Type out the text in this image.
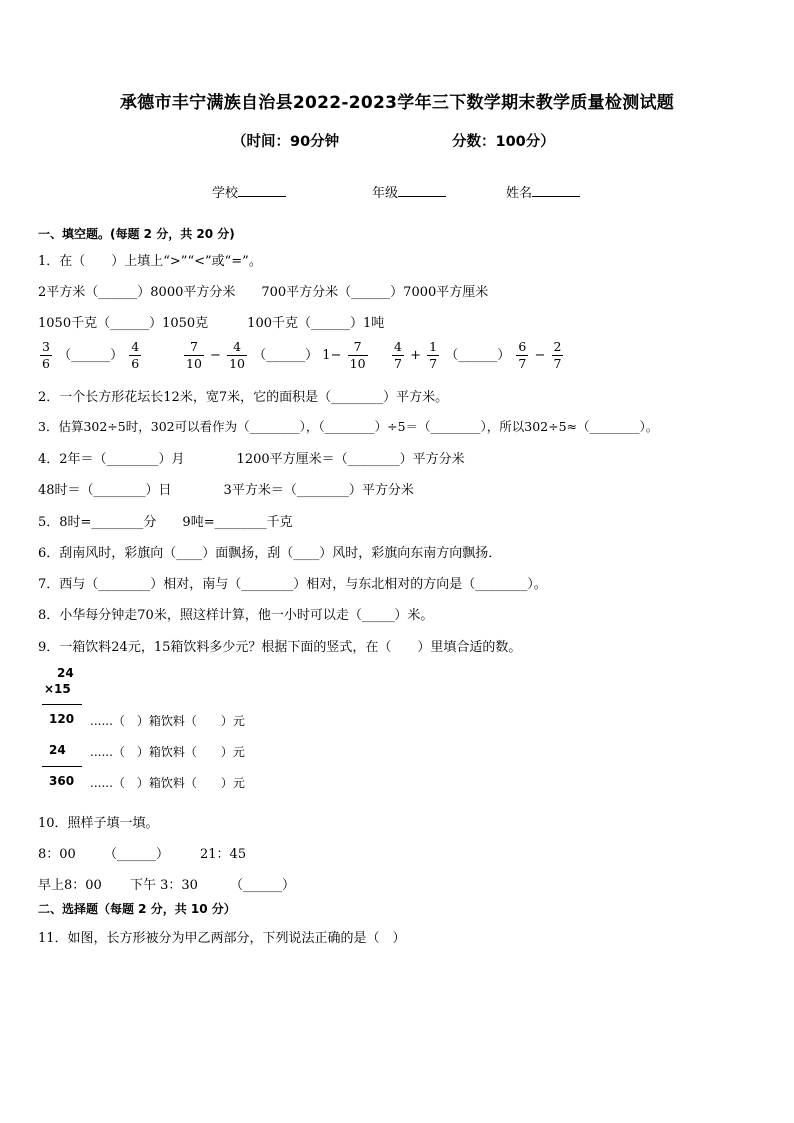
承德市丰宁满族自治县2022-2023学年三下数学期末教学质量检测试题
（时间：90分钟	分数：100分）
学校	年级	姓名
一、填空题。(每题 2 分，共 20 分)
1．在（　　）上填上“>”“<”或“=”。
2平方米（______）8000平方分米　　700平方分米（______）7000平方厘米
1050千克（______）1050克　　　100千克（______）1吨
$\frac{3}{6}$ （______） $\frac{4}{6}$	$\frac{7}{10} - \frac{4}{10}$ （______） $1- \frac{7}{10} \frac{4}{7} + \frac{1}{7}$ （______） $\frac{6}{7} - \frac{2}{7}$
2．一个长方形花坛长12米，宽7米，它的面积是（________）平方米。
3．估算302÷5时，302可以看作为（________），（________）÷5＝（________），所以302÷5≈（________）。
4．2年＝（________）月　　　　1200平方厘米＝（________）平方分米
48时＝（________）日　　　　3平方米＝（________）平方分米
5．8时=________分　　9吨=________千克
6．刮南风时，彩旗向（____）面飘扬，刮（____）风时，彩旗向东南方向飘扬．
7．西与（________）相对，南与（________）相对，与东北相对的方向是（________）。
8．小华每分钟走70米，照这样计算，他一小时可以走（_____）米。
9．一箱饮料24元，15箱饮料多少元？根据下面的竖式，在（　　）里填合适的数。
24
×15
120 ......（　）箱饮料（　　）元
24 ......（　）箱饮料（　　）元
360 ......（　）箱饮料（　　）元
10．照样子填一填。
8：00 （______） 21：45
早上8：00 下午 3：30 （______）
二、选择题（每题 2 分，共 10 分）
11．如图，长方形被分为甲乙两部分，下列说法正确的是（　）
